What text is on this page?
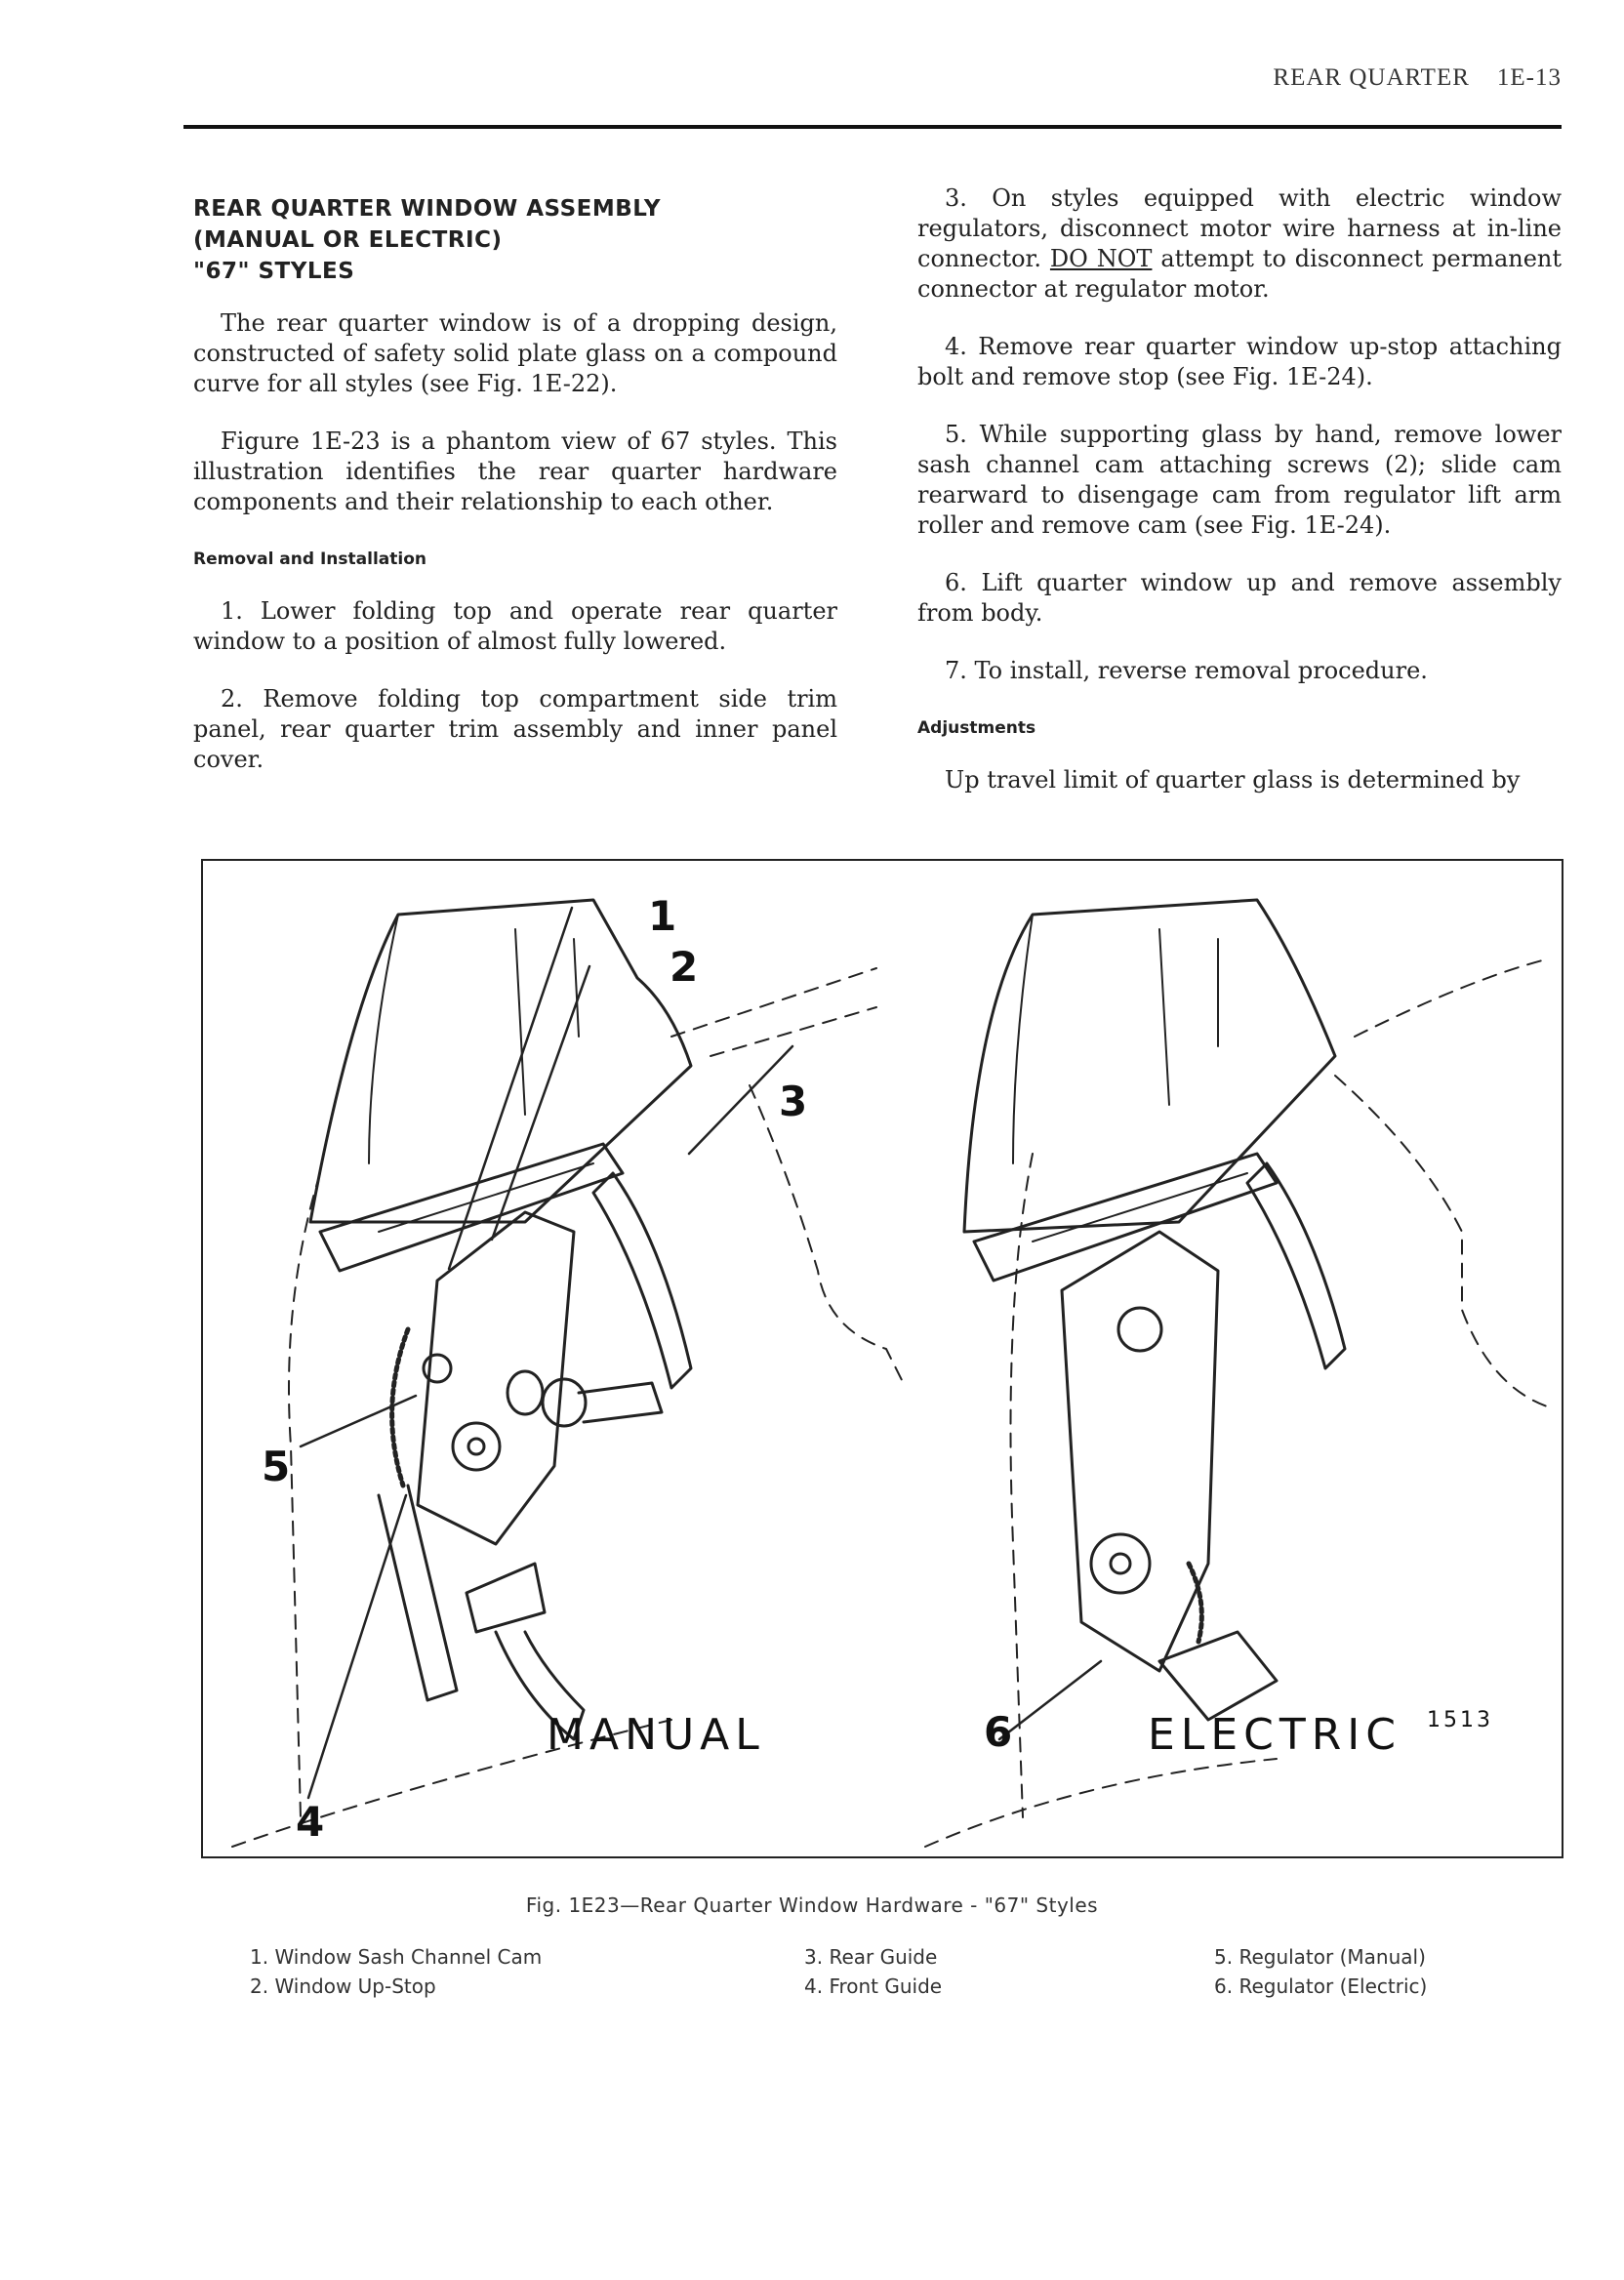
REAR QUARTER 1E-13
REAR QUARTER WINDOW ASSEMBLY
(MANUAL OR ELECTRIC)
"67" STYLES

The rear quarter window is of a dropping design, constructed of safety solid plate glass on a compound curve for all styles (see Fig. 1E-22).

Figure 1E-23 is a phantom view of 67 styles. This illustration identifies the rear quarter hardware components and their relationship to each other.

Removal and Installation

1. Lower folding top and operate rear quarter window to a position of almost fully lowered.

2. Remove folding top compartment side trim panel, rear quarter trim assembly and inner panel cover.

3. On styles equipped with electric window regulators, disconnect motor wire harness at in-line connector. DO NOT attempt to disconnect permanent connector at regulator motor.

4. Remove rear quarter window up-stop attaching bolt and remove stop (see Fig. 1E-24).

5. While supporting glass by hand, remove lower sash channel cam attaching screws (2); slide cam rearward to disengage cam from regulator lift arm roller and remove cam (see Fig. 1E-24).

6. Lift quarter window up and remove assembly from body.

7. To install, reverse removal procedure.

Adjustments

Up travel limit of quarter glass is determined by

1
2
3
5
4
6
MANUAL	ELECTRIC 1513
Fig. 1E23—Rear Quarter Window Hardware - "67" Styles
1. Window Sash Channel Cam
2. Window Up-Stop
3. Rear Guide
4. Front Guide
5. Regulator (Manual)
6. Regulator (Electric)
